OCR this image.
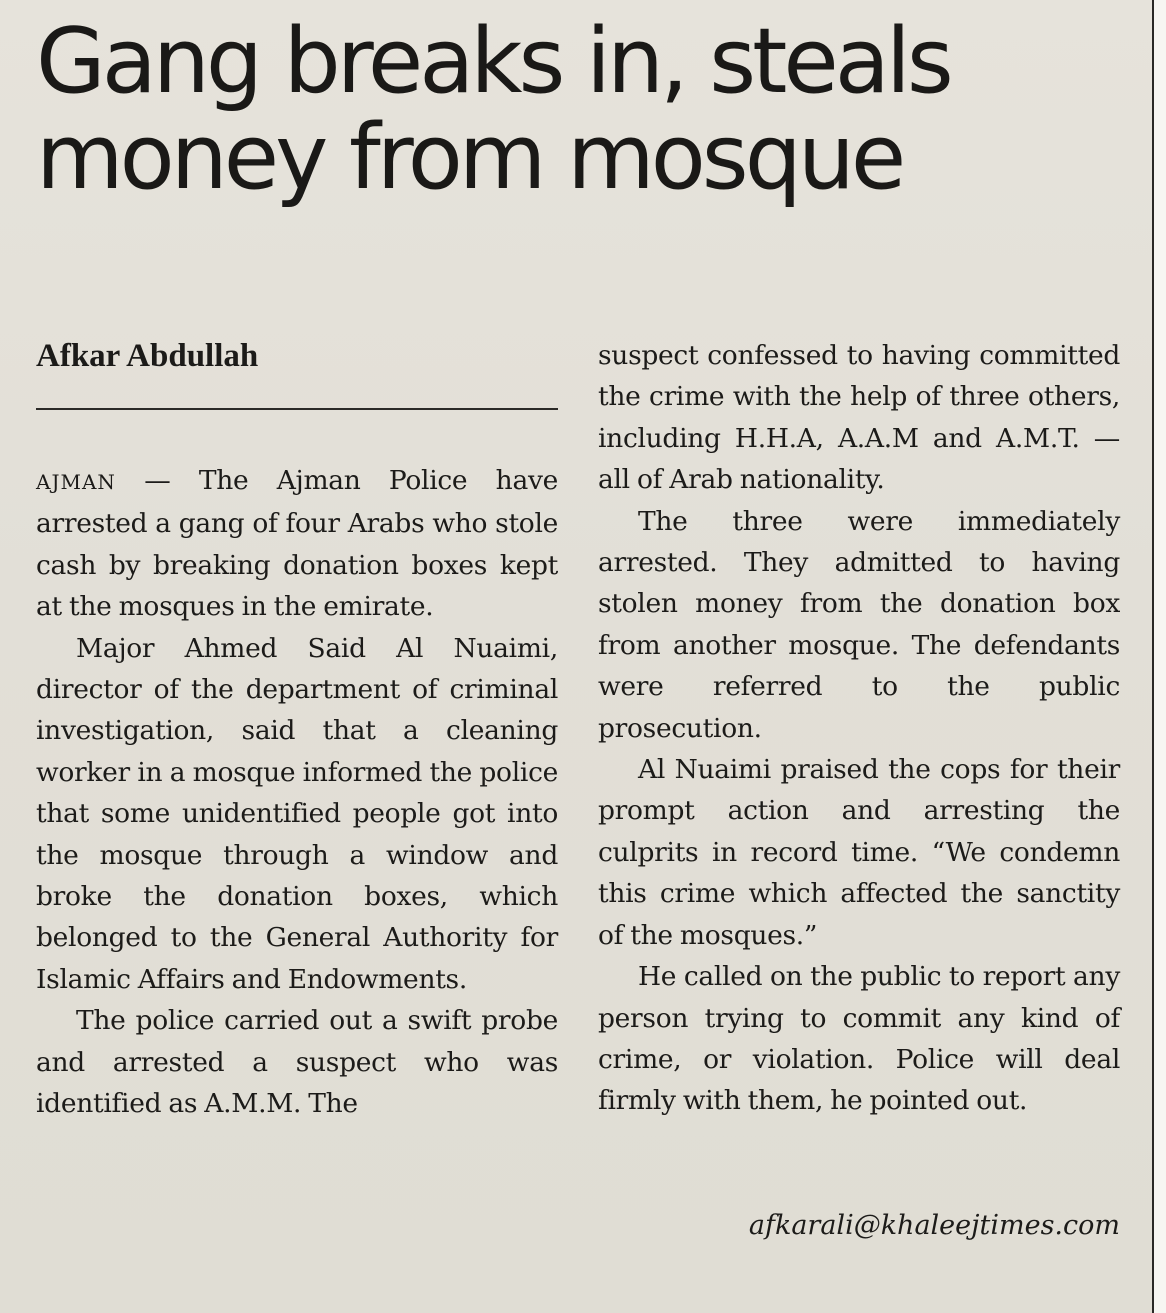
Gang breaks in, steals
money from mosque
Afkar Abdullah

AJMAN — The Ajman Police have arrested a gang of four Arabs who stole cash by breaking donation boxes kept at the mosques in the emirate.

Major Ahmed Said Al Nuaimi, director of the department of criminal investigation, said that a cleaning worker in a mosque informed the police that some unidentified people got into the mosque through a window and broke the donation boxes, which belonged to the General Authority for Islamic Affairs and Endowments.

The police carried out a swift probe and arrested a suspect who was identified as A.M.M. The

suspect confessed to having committed the crime with the help of three others, including H.H.A, A.A.M and A.M.T. — all of Arab nationality.

The three were immediately arrested. They admitted to having stolen money from the donation box from another mosque. The defendants were referred to the public prosecution.

Al Nuaimi praised the cops for their prompt action and arresting the culprits in record time. “We condemn this crime which affected the sanctity of the mosques.”

He called on the public to report any person trying to commit any kind of crime, or violation. Police will deal firmly with them, he pointed out.

afkarali@khaleejtimes.com
